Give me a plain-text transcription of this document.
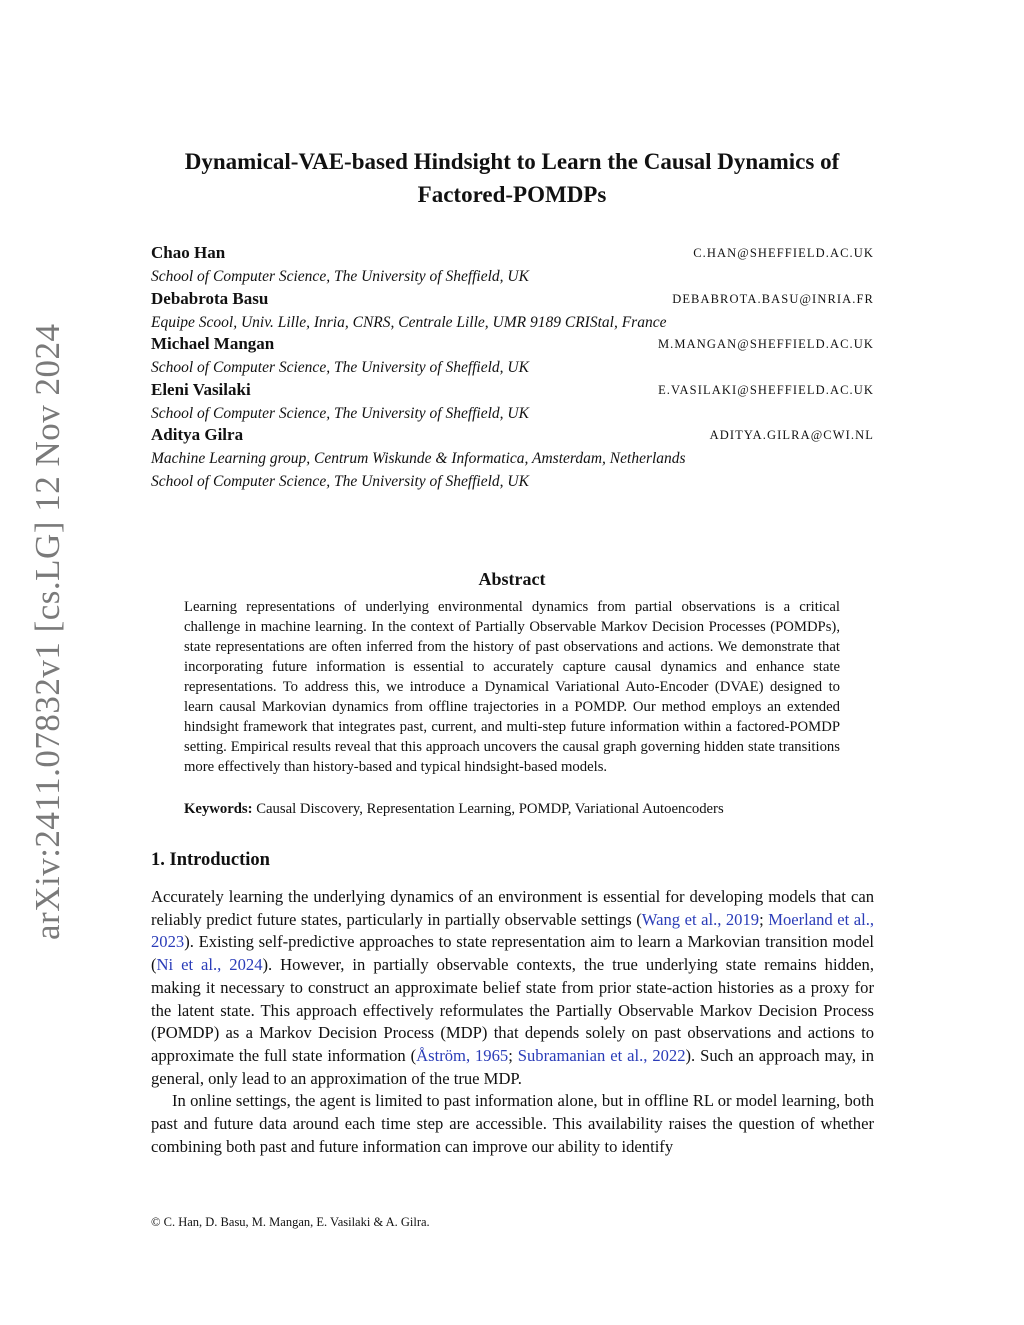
arXiv:2411.07832v1 [cs.LG] 12 Nov 2024
Dynamical-VAE-based Hindsight to Learn the Causal Dynamics of
Factored-POMDPs
Chao Han	C.HAN@SHEFFIELD.AC.UK
School of Computer Science, The University of Sheffield, UK
Debabrota Basu	DEBABROTA.BASU@INRIA.FR
Equipe Scool, Univ. Lille, Inria, CNRS, Centrale Lille, UMR 9189 CRIStal, France
Michael Mangan	M.MANGAN@SHEFFIELD.AC.UK
School of Computer Science, The University of Sheffield, UK
Eleni Vasilaki	E.VASILAKI@SHEFFIELD.AC.UK
School of Computer Science, The University of Sheffield, UK
Aditya Gilra	ADITYA.GILRA@CWI.NL
Machine Learning group, Centrum Wiskunde & Informatica, Amsterdam, Netherlands
School of Computer Science, The University of Sheffield, UK
Abstract

Learning representations of underlying environmental dynamics from partial observations is a critical challenge in machine learning. In the context of Partially Observable Markov Decision Processes (POMDPs), state representations are often inferred from the history of past observations and actions. We demonstrate that incorporating future information is essential to accurately capture causal dynamics and enhance state representations. To address this, we introduce a Dynamical Variational Auto-Encoder (DVAE) designed to learn causal Markovian dynamics from offline trajectories in a POMDP. Our method employs an extended hindsight framework that integrates past, current, and multi-step future information within a factored-POMDP setting. Empirical results reveal that this approach uncovers the causal graph governing hidden state transitions more effectively than history-based and typical hindsight-based models.

Keywords: Causal Discovery, Representation Learning, POMDP, Variational Autoencoders
1. Introduction

Accurately learning the underlying dynamics of an environment is essential for developing models that can reliably predict future states, particularly in partially observable settings (Wang et al., 2019; Moerland et al., 2023). Existing self-predictive approaches to state representation aim to learn a Markovian transition model (Ni et al., 2024). However, in partially observable contexts, the true underlying state remains hidden, making it necessary to construct an approximate belief state from prior state-action histories as a proxy for the latent state. This approach effectively reformulates the Partially Observable Markov Decision Process (POMDP) as a Markov Decision Process (MDP) that depends solely on past observations and actions to approximate the full state information (Åström, 1965; Subramanian et al., 2022). Such an approach may, in general, only lead to an approximation of the true MDP.

In online settings, the agent is limited to past information alone, but in offline RL or model learning, both past and future data around each time step are accessible. This availability raises the question of whether combining both past and future information can improve our ability to identify

© C. Han, D. Basu, M. Mangan, E. Vasilaki & A. Gilra.
